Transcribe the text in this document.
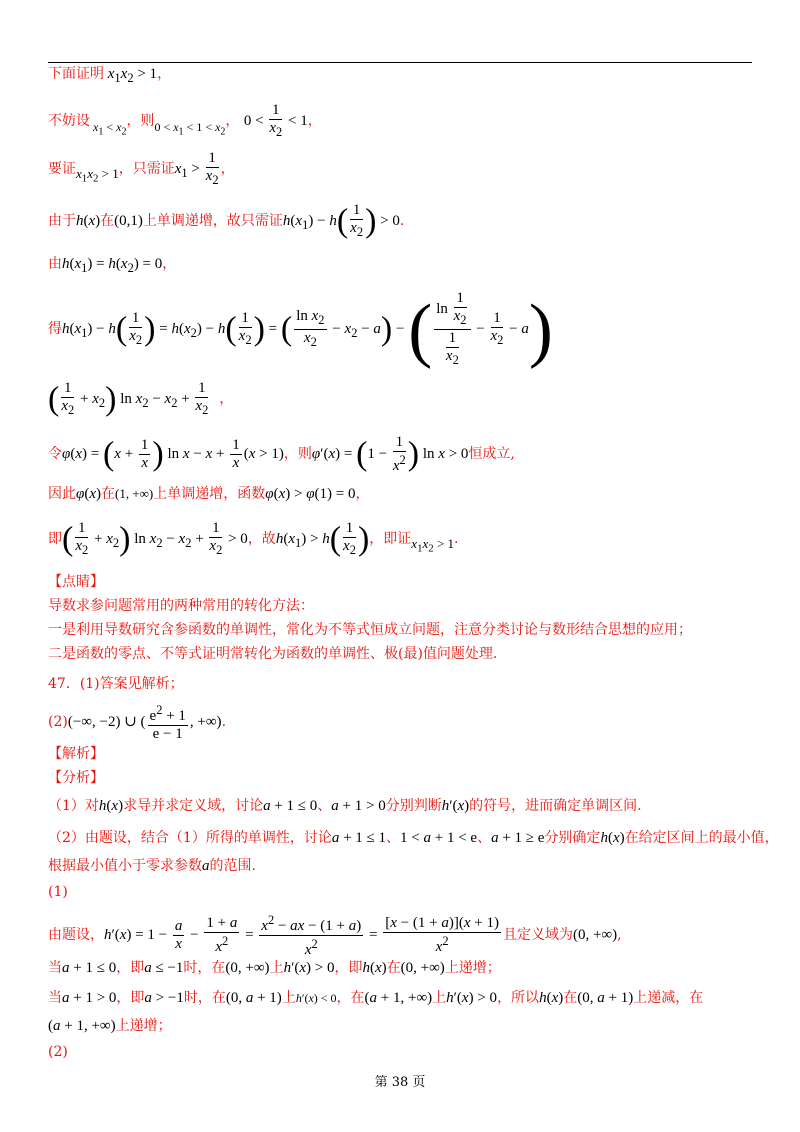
下面证明 $x_1x_2 > 1$，
不妨设 $x_1 < x_2$，则$0 < x_1 < 1 < x_2$， $0 < \frac{1}{x_2} < 1$，
要证$x_1x_2 > 1$，只需证$x_1 > \frac{1}{x_2}$ ，
由于h(x)在(0,1)上单调递增，故只需证$h(x_1) - h( \frac{1}{x_2}$ ) > 0.
由$h(x_1) = h(x_2) = 0$，
得$h(x_1) - h( \frac{1}{x_2}$ ) = $h(x_2) - h( \frac{1}{x_2}$ ) = ( $\frac{\ln x_2}{x_2} - x_2 - a$) − ( $\frac{\ln \frac{1}{x_2}}{\frac{1}{x_2}} - \frac{1}{x_2} - a$)
( $\frac{1}{x_2} + x_2$) $\ln x_2 - x_2 + \frac{1}{x_2}$ ，
令$\varphi(x) = (x + \frac{1}{x}$ ) $\ln x - x + \frac{1}{x} (x > 1)$，则$\varphi'(x) = (1 - \frac{1}{x^2}$ ) ln x > 0恒成立,
因此φ(x)在(1, +∞)上单调递增，函数φ(x) > φ(1) = 0，
即( $\frac{1}{x_2} + x_2$) $\ln x_2 - x_2 + \frac{1}{x_2} > 0$，故$h(x_1) > h( \frac{1}{x_2}$ )，即证$x_1x_2 > 1$.
【点睛】
导数求参问题常用的两种常用的转化方法：
一是利用导数研究含参函数的单调性，常化为不等式恒成立问题，注意分类讨论与数形结合思想的应用；
二是函数的零点、不等式证明常转化为函数的单调性、极(最)值问题处理.
47．(1)答案见解析；
(2)(−∞, −2) ∪ ( $\frac{e^2 + 1}{e - 1}$ , +∞).
【解析】
【分析】
（1）对h(x)求导并求定义域，讨论a + 1 ≤ 0、a + 1 > 0分别判断h′(x)的符号，进而确定单调区间.
（2）由题设，结合（1）所得的单调性，讨论a + 1 ≤ 1、1 < a + 1 < e、a + 1 ≥ e分别确定h(x)在给定区间上的最小值，
根据最小值小于零求参数a的范围.
(1)
由题设，$h'(x) = 1 - \frac{a}{x} - \frac{1 + a}{x^2} = \frac{x^2 - ax - (1 + a)}{x^2} = \frac{[x - (1 + a)](x + 1)}{x^2}$ 且定义域为(0, +∞),
当a + 1 ≤ 0，即a ≤ −1时，在(0, +∞)上h′(x) > 0，即h(x)在(0, +∞)上递增；
当a + 1 > 0，即a > −1时，在(0, a + 1)上h′(x) < 0，在(a + 1, +∞)上h′(x) > 0，所以h(x)在(0, a + 1)上递减，在
(a + 1, +∞)上递增；
(2)
第 38 页
